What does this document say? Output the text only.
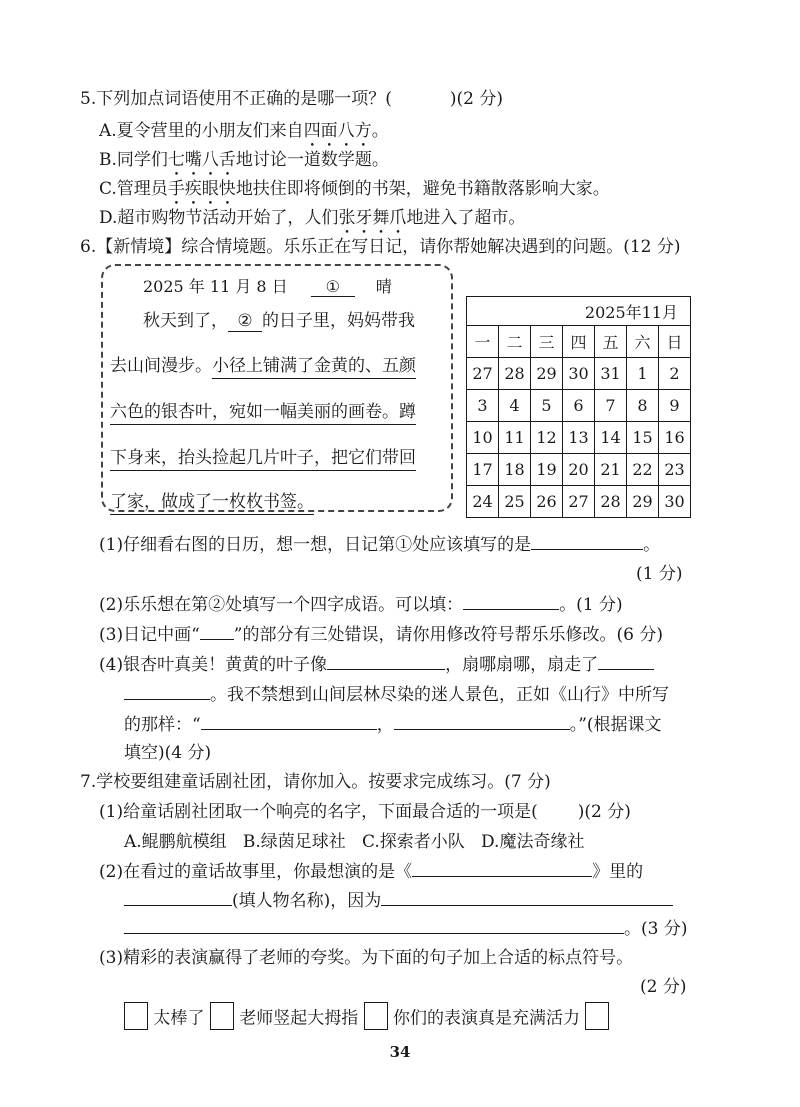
5.下列加点词语使用不正确的是哪一项？(	)(2 分)
A.夏令营里的小朋友们来自四面八方。
B.同学们七嘴八舌地讨论一道数学题。
C.管理员手疾眼快地扶住即将倾倒的书架，避免书籍散落影响大家。
D.超市购物节活动开始了，人们张牙舞爪地进入了超市。
6.【新情境】综合情境题。乐乐正在写日记，请你帮她解决遇到的问题。(12 分)
2025 年 11 月 8 日 ① 晴
秋天到了， ② 的日子里，妈妈带我
去山间漫步。小径上铺满了金黄的、五颜
六色的银杏叶，宛如一幅美丽的画卷。蹲
下身来，抬头捡起几片叶子，把它们带回
了家，做成了一枚枚书签。
2025年11月						
一	二	三	四	五	六	日
27	28	29	30	31	1	2
3	4	5	6	7	8	9
10	11	12	13	14	15	16
17	18	19	20	21	22	23
24	25	26	27	28	29	30
(1)仔细看右图的日历，想一想，日记第①处应该填写的是	。
(1 分)
(2)乐乐想在第②处填写一个四字成语。可以填：	。(1 分)
(3)日记中画“ ”的部分有三处错误，请你用修改符号帮乐乐修改。(6 分)
(4)银杏叶真美！黄黄的叶子像	，扇哪扇哪，扇走了
。我不禁想到山间层林尽染的迷人景色，正如《山行》中所写
的那样：“	，	。”(根据课文
填空)(4 分)
7.学校要组建童话剧社团，请你加入。按要求完成练习。(7 分)
(1)给童话剧社团取一个响亮的名字，下面最合适的一项是( )(2 分)
A.鲲鹏航模组   B.绿茵足球社   C.探索者小队   D.魔法奇缘社
(2)在看过的童话故事里，你最想演的是《	》里的
(填人物名称)，因为
。(3 分)
(3)精彩的表演赢得了老师的夸奖。为下面的句子加上合适的标点符号。
(2 分)
太棒了 老师竖起大拇指 你们的表演真是充满活力
34
